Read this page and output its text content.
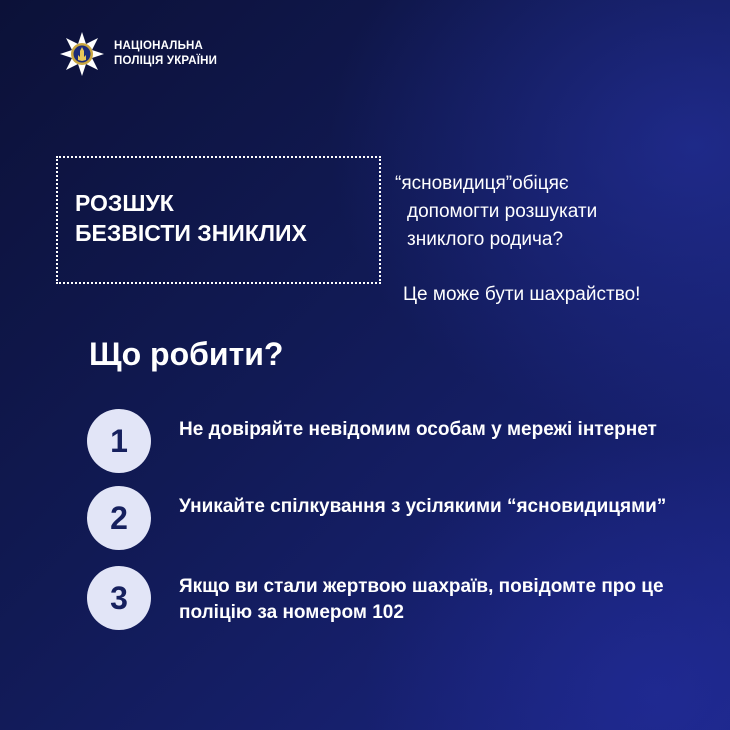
НАЦІОНАЛЬНА
ПОЛІЦІЯ УКРАЇНИ
РОЗШУК
БЕЗВІСТИ ЗНИКЛИХ
“ясновидиця”обіцяє
допомогти розшукати
зниклого родича?
Це може бути шахрайство!
Що робити?
1	Не довіряйте невідомим особам у мережі інтернет
2	Уникайте спілкування з усілякими “ясновидицями”
3	Якщо ви стали жертвою шахраїв, повідомте про це поліцію за номером 102
